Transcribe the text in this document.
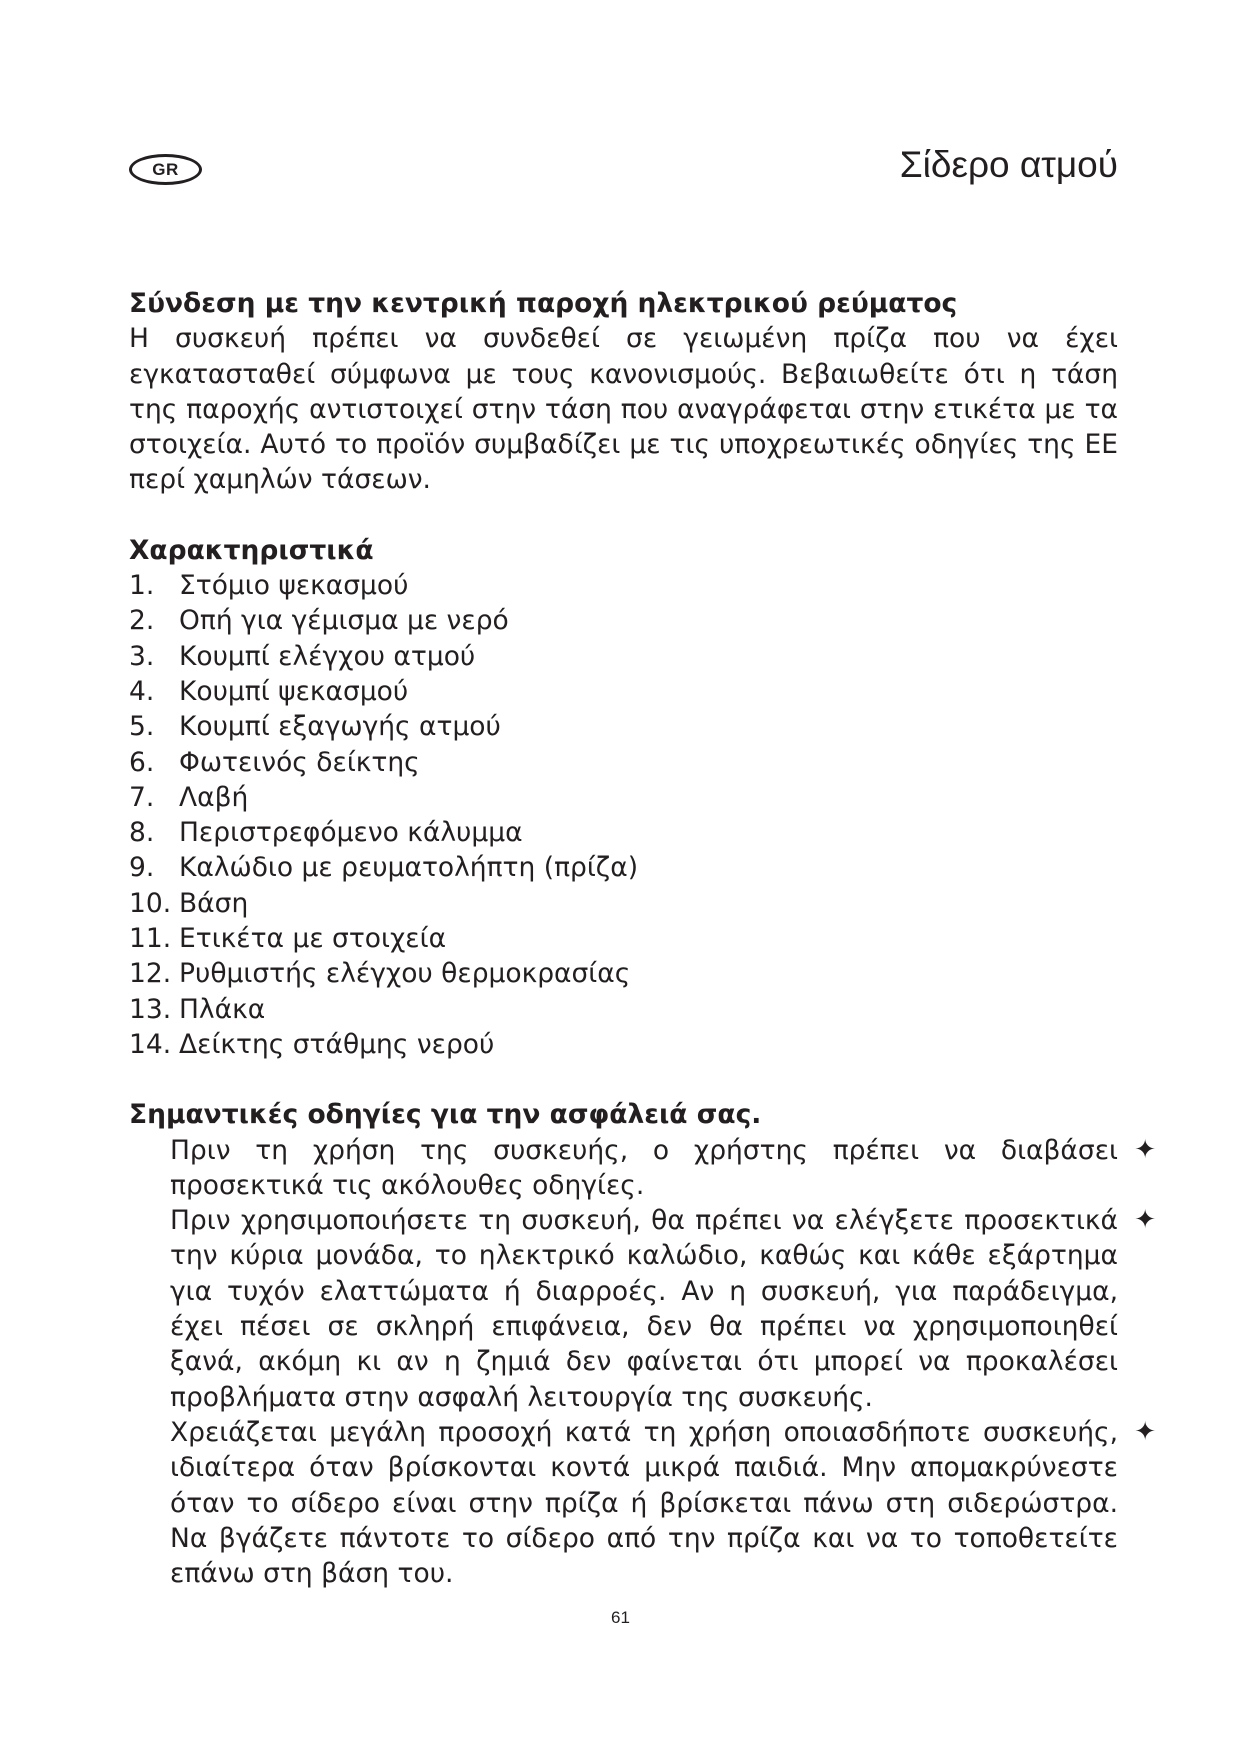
GR	Σίδερο ατμού

Σύνδεση με την κεντρική παροχή ηλεκτρικού ρεύματος

Η συσκευή πρέπει να συνδεθεί σε γειωμένη πρίζα που να έχει εγκατασταθεί σύμφωνα με τους κανονισμούς. Βεβαιωθείτε ότι η τάση της παροχής αντιστοιχεί στην τάση που αναγράφεται στην ετικέτα με τα στοιχεία. Αυτό το προϊόν συμβαδίζει με τις υποχρεωτικές οδηγίες της ΕΕ περί χαμηλών τάσεων.

Χαρακτηριστικά

1. Στόμιο ψεκασμού
2. Οπή για γέμισμα με νερό
3. Κουμπί ελέγχου ατμού
4. Κουμπί ψεκασμού
5. Κουμπί εξαγωγής ατμού
6. Φωτεινός δείκτης
7. Λαβή
8. Περιστρεφόμενο κάλυμμα
9. Καλώδιο με ρευματολήπτη (πρίζα)
10. Βάση
11. Ετικέτα με στοιχεία
12. Ρυθμιστής ελέγχου θερμοκρασίας
13. Πλάκα
14. Δείκτης στάθμης νερού

Σημαντικές οδηγίες για την ασφάλειά σας.

Πριν τη χρήση της συσκευής, ο χρήστης πρέπει να διαβάσει προσεκτικά τις ακόλουθες οδηγίες.
✦
Πριν χρησιμοποιήσετε τη συσκευή, θα πρέπει να ελέγξετε προσεκτικά την κύρια μονάδα, το ηλεκτρικό καλώδιο, καθώς και κάθε εξάρτημα για τυχόν ελαττώματα ή διαρροές. Αν η συσκευή, για παράδειγμα, έχει πέσει σε σκληρή επιφάνεια, δεν θα πρέπει να χρησιμοποιηθεί ξανά, ακόμη κι αν η ζημιά δεν φαίνεται ότι μπορεί να προκαλέσει προβλήματα στην ασφαλή λειτουργία της συσκευής.
✦
Χρειάζεται μεγάλη προσοχή κατά τη χρήση οποιασδήποτε συσκευής, ιδιαίτερα όταν βρίσκονται κοντά μικρά παιδιά. Μην απομακρύνεστε όταν το σίδερο είναι στην πρίζα ή βρίσκεται πάνω στη σιδερώστρα. Να βγάζετε πάντοτε το σίδερο από την πρίζα και να το τοποθετείτε επάνω στη βάση του.
✦
61
